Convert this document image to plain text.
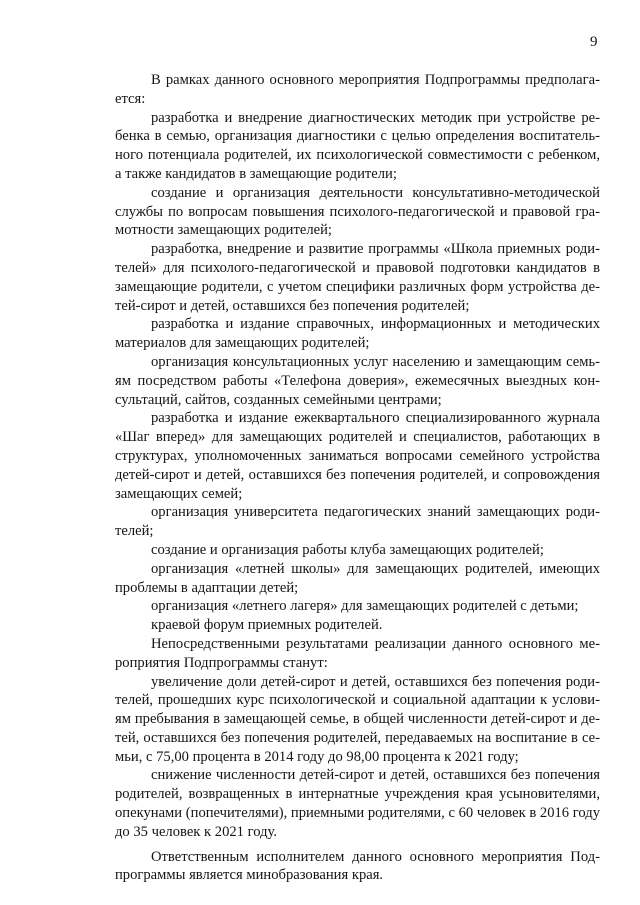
9

В рамках данного основного мероприятия Подпрограммы предполагается:

разработка и внедрение диагностических методик при устройстве ребенка в семью, организация диагностики с целью определения воспитательного потенциала родителей, их психологической совместимости с ребенком, а также кандидатов в замещающие родители;

создание и организация деятельности консультативно-методической службы по вопросам повышения психолого-педагогической и правовой грамотности замещающих родителей;

разработка, внедрение и развитие программы «Школа приемных родителей» для психолого-педагогической и правовой подготовки кандидатов в замещающие родители, с учетом специфики различных форм устройства детей-сирот и детей, оставшихся без попечения родителей;

разработка и издание справочных, информационных и методических материалов для замещающих родителей;

организация консультационных услуг населению и замещающим семьям посредством работы «Телефона доверия», ежемесячных выездных консультаций, сайтов, созданных семейными центрами;

разработка и издание ежеквартального специализированного журнала «Шаг вперед» для замещающих родителей и специалистов, работающих в структурах, уполномоченных заниматься вопросами семейного устройства детей-сирот и детей, оставшихся без попечения родителей, и сопровождения замещающих семей;

организация университета педагогических знаний замещающих родителей;

создание и организация работы клуба замещающих родителей;

организация «летней школы» для замещающих родителей, имеющих проблемы в адаптации детей;

организация «летнего лагеря» для замещающих родителей с детьми;

краевой форум приемных родителей.

Непосредственными результатами реализации данного основного мероприятия Подпрограммы станут:

увеличение доли детей-сирот и детей, оставшихся без попечения родителей, прошедших курс психологической и социальной адаптации к условиям пребывания в замещающей семье, в общей численности детей-сирот и детей, оставшихся без попечения родителей, передаваемых на воспитание в семьи, с 75,00 процента в 2014 году до 98,00 процента к 2021 году;

снижение численности детей-сирот и детей, оставшихся без попечения родителей, возвращенных в интернатные учреждения края усыновителями, опекунами (попечителями), приемными родителями, с 60 человек в 2016 году до 35 человек к 2021 году.

Ответственным исполнителем данного основного мероприятия Подпрограммы является минобразования края.
